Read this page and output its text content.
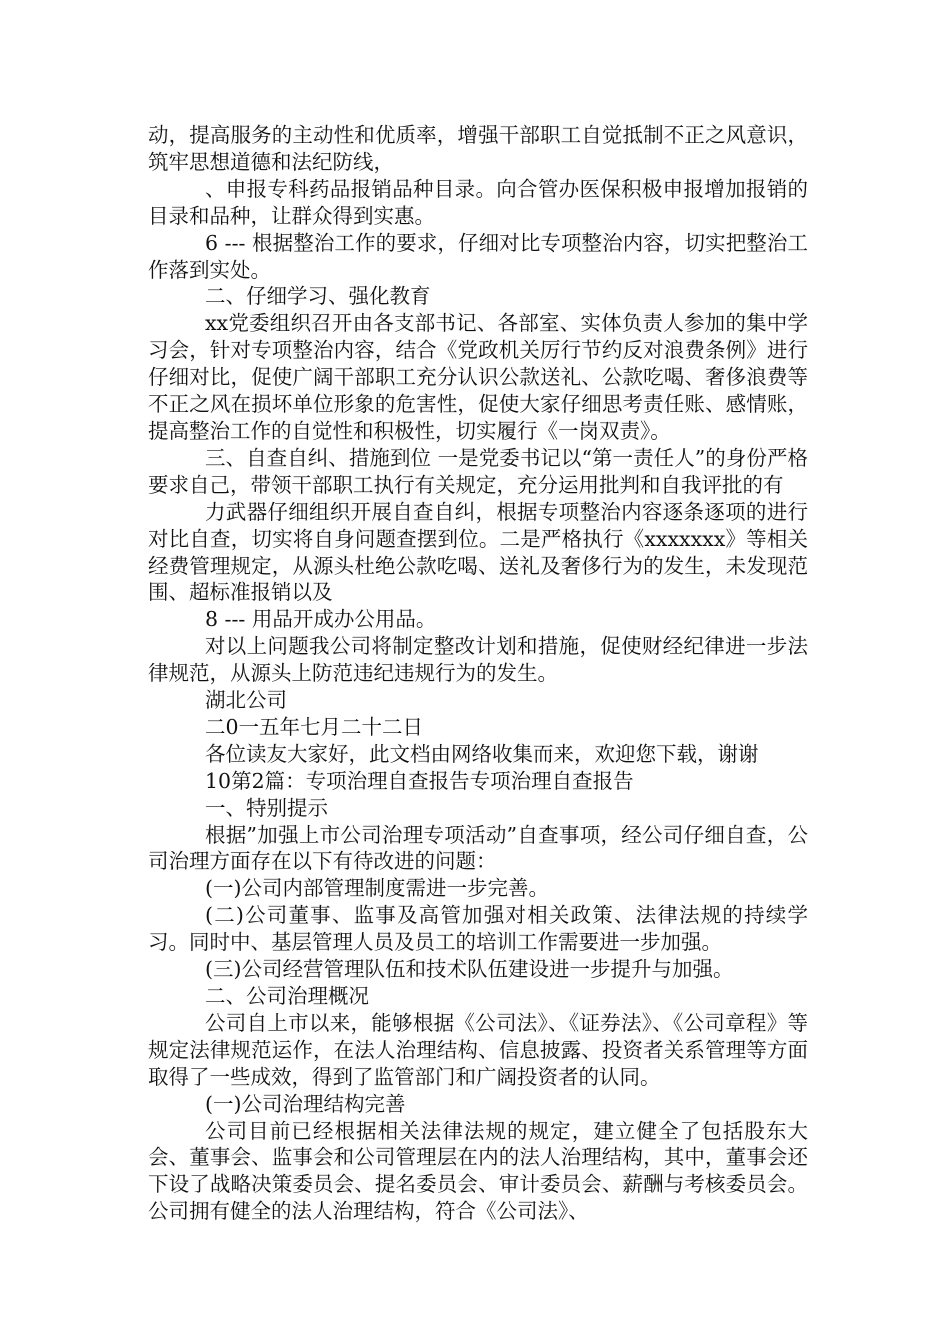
动，提高服务的主动性和优质率，增强干部职工自觉抵制不正之风意识，筑牢思想道德和法纪防线，

、申报专科药品报销品种目录。向合管办医保积极申报增加报销的目录和品种，让群众得到实惠。

6 --- 根据整治工作的要求，仔细对比专项整治内容，切实把整治工作落到实处。

二、仔细学习、强化教育

xx党委组织召开由各支部书记、各部室、实体负责人参加的集中学习会，针对专项整治内容，结合《党政机关厉行节约反对浪费条例》进行仔细对比，促使广阔干部职工充分认识公款送礼、公款吃喝、奢侈浪费等不正之风在损坏单位形象的危害性，促使大家仔细思考责任账、感情账，提高整治工作的自觉性和积极性，切实履行《一岗双责》。

三、自查自纠、措施到位 一是党委书记以“第一责任人”的身份严格要求自己，带领干部职工执行有关规定，充分运用批判和自我评批的有

力武器仔细组织开展自查自纠，根据专项整治内容逐条逐项的进行对比自查，切实将自身问题查摆到位。二是严格执行《xxxxxxx》等相关经费管理规定，从源头杜绝公款吃喝、送礼及奢侈行为的发生，未发现范围、超标准报销以及

8 --- 用品开成办公用品。

对以上问题我公司将制定整改计划和措施，促使财经纪律进一步法律规范，从源头上防范违纪违规行为的发生。

湖北公司

二0一五年七月二十二日

各位读友大家好，此文档由网络收集而来，欢迎您下载，谢谢

10第2篇：专项治理自查报告专项治理自查报告

一、特别提示

根据”加强上市公司治理专项活动”自查事项，经公司仔细自查，公司治理方面存在以下有待改进的问题：

(一)公司内部管理制度需进一步完善。

(二)公司董事、监事及高管加强对相关政策、法律法规的持续学习。同时中、基层管理人员及员工的培训工作需要进一步加强。

(三)公司经营管理队伍和技术队伍建设进一步提升与加强。

二、公司治理概况

公司自上市以来，能够根据《公司法》、《证券法》、《公司章程》等规定法律规范运作，在法人治理结构、信息披露、投资者关系管理等方面取得了一些成效，得到了监管部门和广阔投资者的认同。

(一)公司治理结构完善

公司目前已经根据相关法律法规的规定，建立健全了包括股东大会、董事会、监事会和公司管理层在内的法人治理结构，其中，董事会还下设了战略决策委员会、提名委员会、审计委员会、薪酬与考核委员会。公司拥有健全的法人治理结构，符合《公司法》、
